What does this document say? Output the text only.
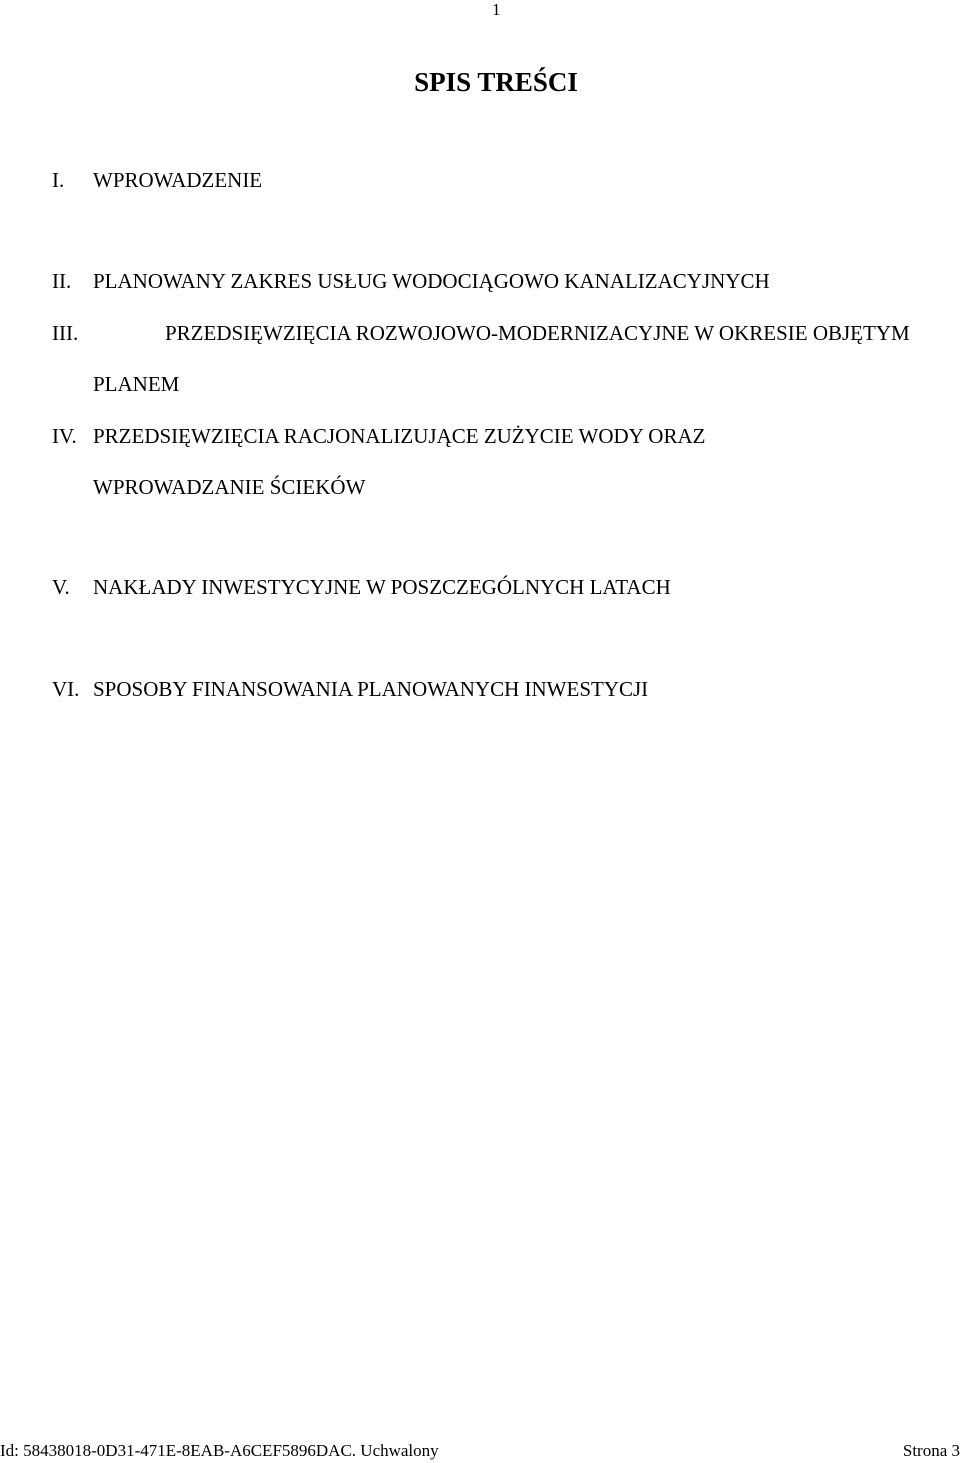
1
SPIS TREŚCI
I. WPROWADZENIE
II. PLANOWANY ZAKRES USŁUG WODOCIĄGOWO KANALIZACYJNYCH
III.	PRZEDSIĘWZIĘCIA ROZWOJOWO-MODERNIZACYJNE W OKRESIE OBJĘTYM
PLANEM
IV. PRZEDSIĘWZIĘCIA RACJONALIZUJĄCE ZUŻYCIE WODY ORAZ
WPROWADZANIE ŚCIEKÓW
V. NAKŁADY INWESTYCYJNE W POSZCZEGÓLNYCH LATACH
VI. SPOSOBY FINANSOWANIA PLANOWANYCH INWESTYCJI
Id: 58438018-0D31-471E-8EAB-A6CEF5896DAC. Uchwalony	Strona 3
